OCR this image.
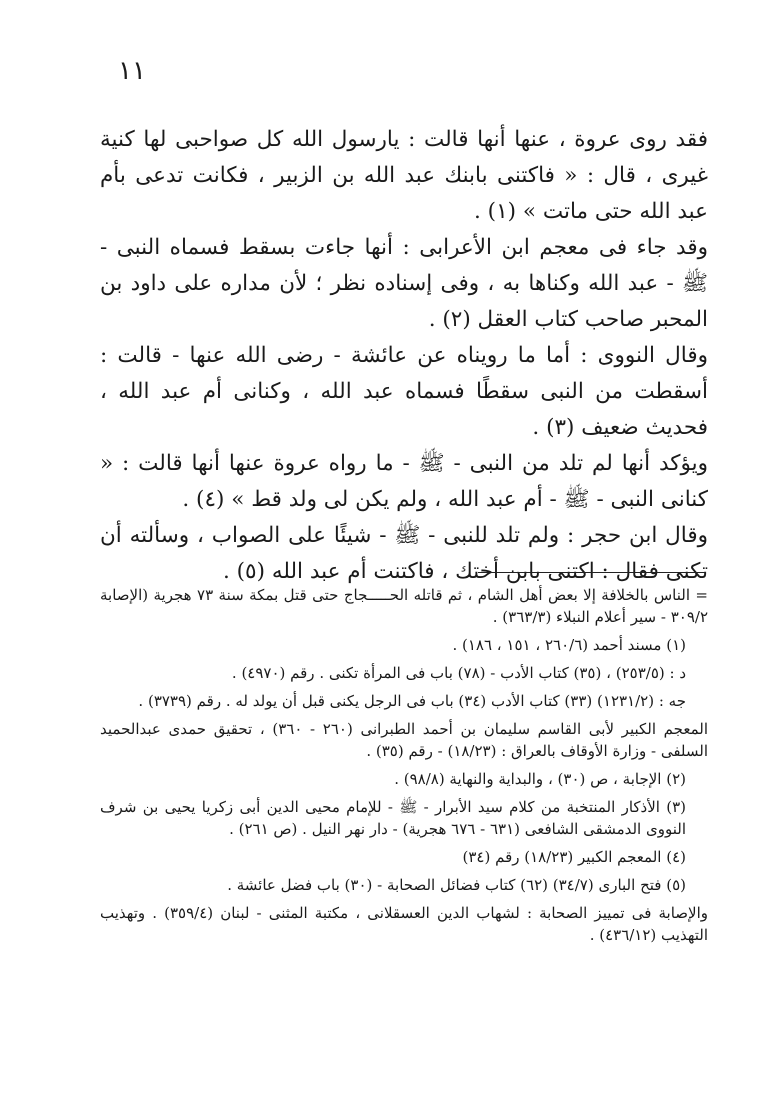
١١

فقد روى عروة ، عنها أنها قالت : يارسول الله كل صواحبى لها كنية غيرى ، قال : « فاكتنى بابنك عبد الله بن الزبير ، فكانت تدعى بأم عبد الله حتى ماتت » (١) .

وقد جاء فى معجم ابن الأعرابى : أنها جاءت بسقط فسماه النبى - ﷺ - عبد الله وكناها به ، وفى إسناده نظر ؛ لأن مداره على داود بن المحبر صاحب كتاب العقل (٢) .

وقال النووى : أما ما رويناه عن عائشة - رضى الله عنها - قالت : أسقطت من النبى سقطًا فسماه عبد الله ، وكنانى أم عبد الله ، فحديث ضعيف (٣) .

ويؤكد أنها لم تلد من النبى - ﷺ - ما رواه عروة عنها أنها قالت : « كنانى النبى - ﷺ - أم عبد الله ، ولم يكن لى ولد قط » (٤) .

وقال ابن حجر : ولم تلد للنبى - ﷺ - شيئًا على الصواب ، وسألته أن تكنى فقال : اكتنى بابن أختك ، فاكتنت أم عبد الله (٥) .

= الناس بالخلافة إلا بعض أهل الشام ، ثم قاتله الحـــــجاج حتى قتل بمكة سنة ٧٣ هجرية (الإصابة ٣٠٩/٢ - سير أعلام النبلاء (٣٦٣/٣) .

(١) مسند أحمد (٢٦٠/٦ ، ١٥١ ، ١٨٦) .

د : (٢٥٣/٥) ، (٣٥) كتاب الأدب - (٧٨) باب فى المرأة تكنى . رقم (٤٩٧٠) .

جه : (١٢٣١/٢) (٣٣) كتاب الأدب (٣٤) باب فى الرجل يكنى قبل أن يولد له . رقم (٣٧٣٩) .

المعجم الكبير لأبى القاسم سليمان بن أحمد الطبرانى (٢٦٠ - ٣٦٠) ، تحقيق حمدى عبدالحميد السلفى - وزارة الأوقاف بالعراق : (١٨/٢٣) - رقم (٣٥) .

(٢) الإجابة ، ص (٣٠) ، والبداية والنهاية (٩٨/٨) .

(٣) الأذكار المنتخبة من كلام سيد الأبرار - ﷺ - للإمام محيى الدين أبى زكريا يحيى بن شرف النووى الدمشقى الشافعى (٦٣١ - ٦٧٦ هجرية) - دار نهر النيل . (ص ٢٦١) .

(٤) المعجم الكبير (١٨/٢٣) رقم (٣٤)

(٥) فتح البارى (٣٤/٧) (٦٢) كتاب فضائل الصحابة - (٣٠) باب فضل عائشة .

والإصابة فى تمييز الصحابة : لشهاب الدين العسقلانى ، مكتبة المثنى - لبنان (٣٥٩/٤) . وتهذيب التهذيب (٤٣٦/١٢) .
